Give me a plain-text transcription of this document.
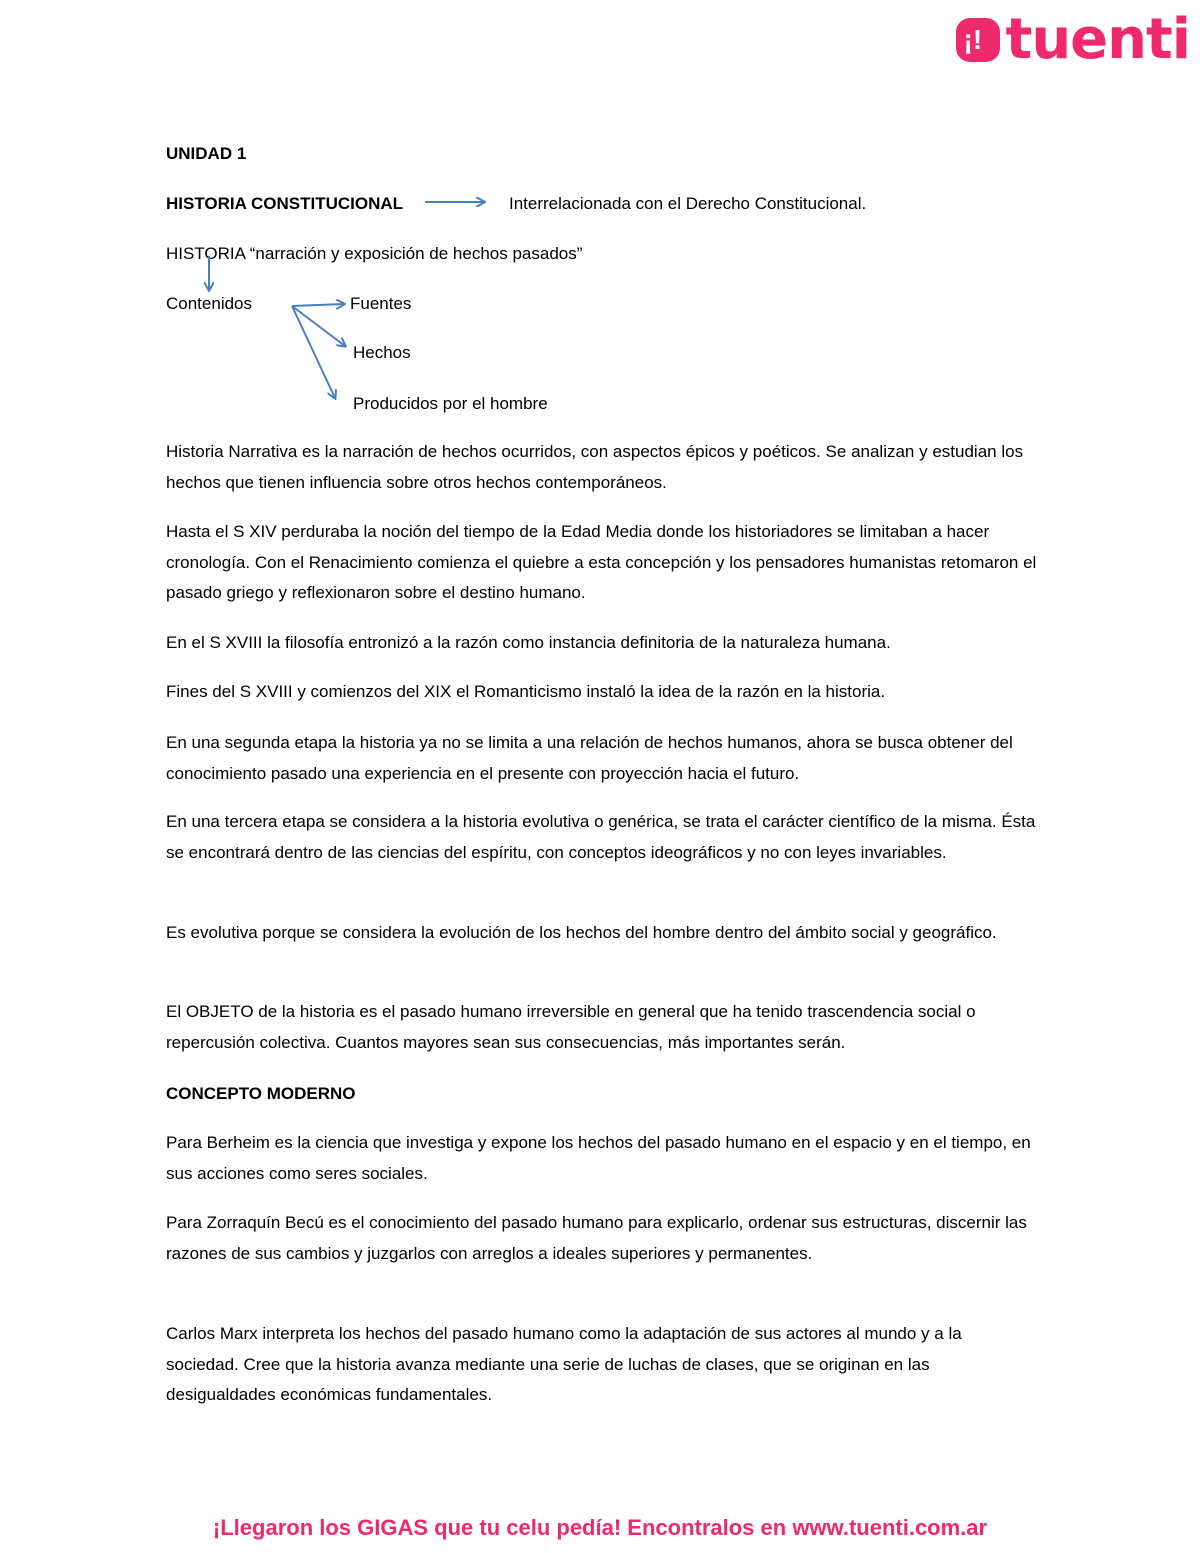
¡! tuenti
UNIDAD 1
HISTORIA CONSTITUCIONAL	Interrelacionada con el Derecho Constitucional.
HISTORIA “narración y exposición de hechos pasados”
Contenidos	Fuentes
Hechos
Producidos por el hombre
Historia Narrativa es la narración de hechos ocurridos, con aspectos épicos y poéticos. Se analizan y estudian los hechos que tienen influencia sobre otros hechos contemporáneos.
Hasta el S XIV perduraba la noción del tiempo de la Edad Media donde los historiadores se limitaban a hacer cronología. Con el Renacimiento comienza el quiebre a esta concepción y los pensadores humanistas retomaron el pasado griego y reflexionaron sobre el destino humano.
En el S XVIII la filosofía entronizó a la razón como instancia definitoria de la naturaleza humana.
Fines del S XVIII y comienzos del XIX el Romanticismo instaló la idea de la razón en la historia.
En una segunda etapa la historia ya no se limita a una relación de hechos humanos, ahora se busca obtener del conocimiento pasado una experiencia en el presente con proyección hacia el futuro.
En una tercera etapa se considera a la historia evolutiva o genérica, se trata el carácter científico de la misma. Ésta se encontrará dentro de las ciencias del espíritu, con conceptos ideográficos y no con leyes invariables.
Es evolutiva porque se considera la evolución de los hechos del hombre dentro del ámbito social y geográfico.
El OBJETO de la historia es el pasado humano irreversible en general que ha tenido trascendencia social o repercusión colectiva. Cuantos mayores sean sus consecuencias, más importantes serán.
CONCEPTO MODERNO
Para Berheim es la ciencia que investiga y expone los hechos del pasado humano en el espacio y en el tiempo, en sus acciones como seres sociales.
Para Zorraquín Becú es el conocimiento del pasado humano para explicarlo, ordenar sus estructuras, discernir las razones de sus cambios y juzgarlos con arreglos a ideales superiores y permanentes.
Carlos Marx interpreta los hechos del pasado humano como la adaptación de sus actores al mundo y a la sociedad. Cree que la historia avanza mediante una serie de luchas de clases, que se originan en las desigualdades económicas fundamentales.
¡Llegaron los GIGAS que tu celu pedía! Encontralos en www.tuenti.com.ar
